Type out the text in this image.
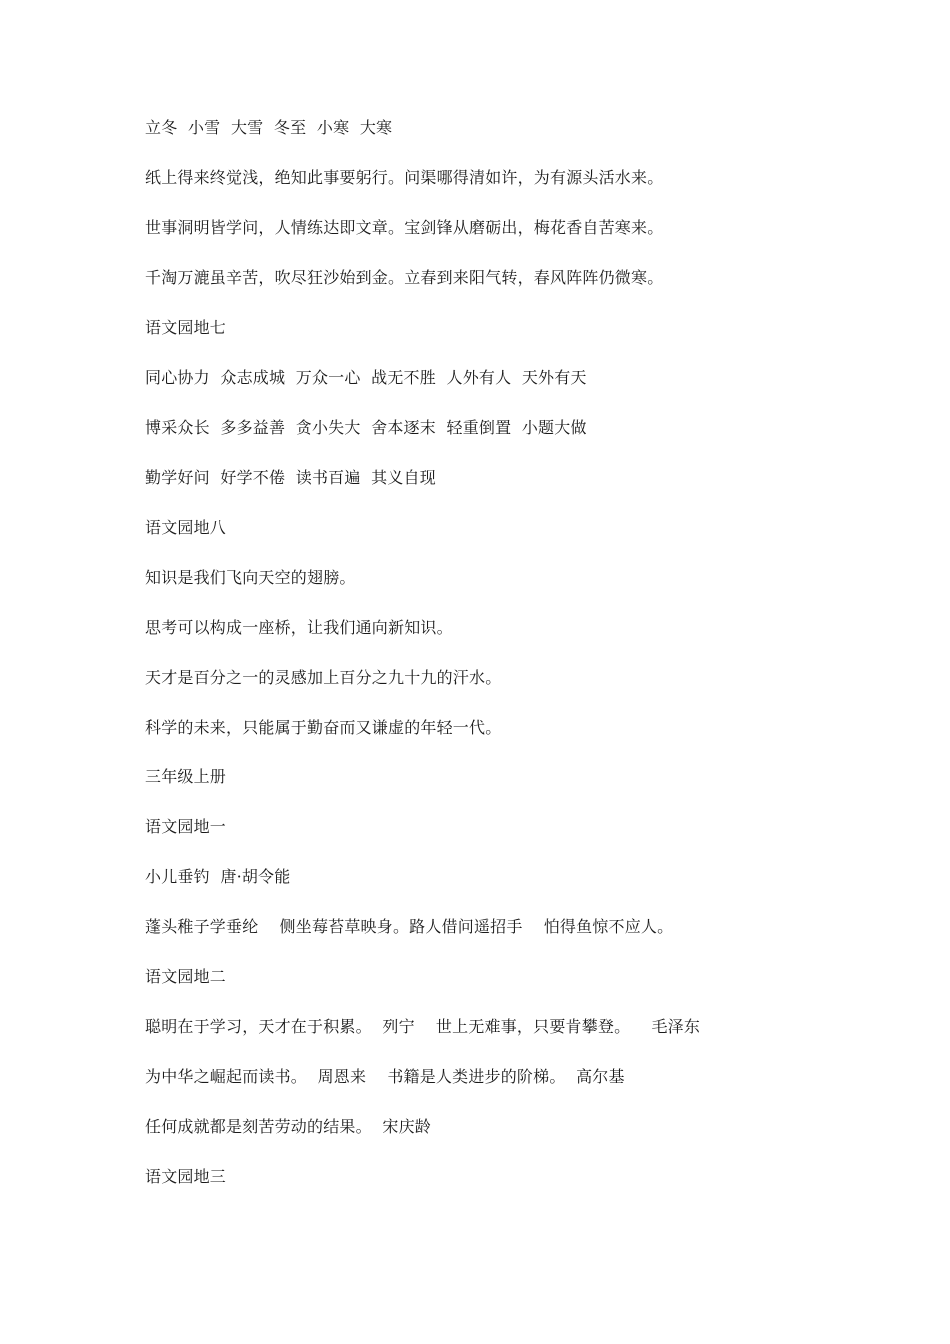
立冬  小雪  大雪  冬至  小寒  大寒
纸上得来终觉浅，绝知此事要躬行。问渠哪得清如许，为有源头活水来。
世事洞明皆学问，人情练达即文章。宝剑锋从磨砺出，梅花香自苦寒来。
千淘万漉虽辛苦，吹尽狂沙始到金。立春到来阳气转，春风阵阵仍微寒。
语文园地七
同心协力  众志成城  万众一心  战无不胜  人外有人  天外有天
博采众长  多多益善  贪小失大  舍本逐末  轻重倒置  小题大做
勤学好问  好学不倦  读书百遍  其义自现
语文园地八
知识是我们飞向天空的翅膀。
思考可以构成一座桥，让我们通向新知识。
天才是百分之一的灵感加上百分之九十九的汗水。
科学的未来，只能属于勤奋而又谦虚的年轻一代。
三年级上册
语文园地一
小儿垂钓  唐·胡令能
蓬头稚子学垂纶    侧坐莓苔草映身。路人借问遥招手    怕得鱼惊不应人。
语文园地二
聪明在于学习，天才在于积累。  列宁    世上无难事，只要肯攀登。    毛泽东
为中华之崛起而读书。  周恩来    书籍是人类进步的阶梯。  高尔基
任何成就都是刻苦劳动的结果。  宋庆龄
语文园地三
